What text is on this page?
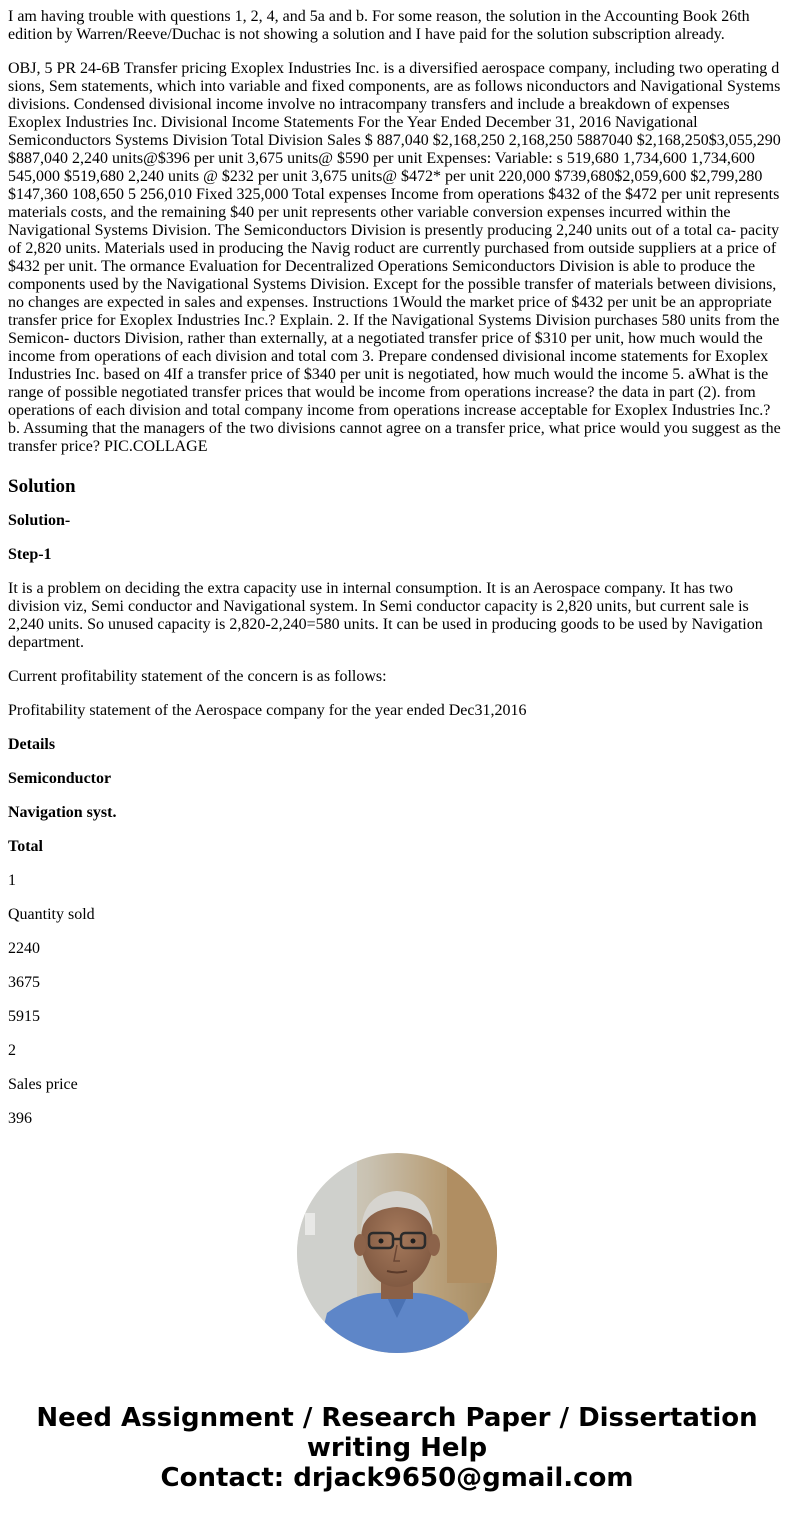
I am having trouble with questions 1, 2, 4, and 5a and b. For some reason, the solution in the Accounting Book 26th edition by Warren/Reeve/Duchac is not showing a solution and I have paid for the solution subscription already.

OBJ, 5 PR 24-6B Transfer pricing Exoplex Industries Inc. is a diversified aerospace company, including two operating d sions, Sem statements, which into variable and fixed components, are as follows niconductors and Navigational Systems divisions. Condensed divisional income involve no intracompany transfers and include a breakdown of expenses Exoplex Industries Inc. Divisional Income Statements For the Year Ended December 31, 2016 Navigational Semiconductors Systems Division Total Division Sales $ 887,040 $2,168,250 2,168,250 5887040 $2,168,250$3,055,290 $887,040 2,240 units@$396 per unit 3,675 units@ $590 per unit Expenses: Variable: s 519,680 1,734,600 1,734,600 545,000 $519,680 2,240 units @ $232 per unit 3,675 units@ $472* per unit 220,000 $739,680$2,059,600 $2,799,280 $147,360 108,650 5 256,010 Fixed 325,000 Total expenses Income from operations $432 of the $472 per unit represents materials costs, and the remaining $40 per unit represents other variable conversion expenses incurred within the Navigational Systems Division. The Semiconductors Division is presently producing 2,240 units out of a total ca- pacity of 2,820 units. Materials used in producing the Navig roduct are currently purchased from outside suppliers at a price of $432 per unit. The ormance Evaluation for Decentralized Operations Semiconductors Division is able to produce the components used by the Navigational Systems Division. Except for the possible transfer of materials between divisions, no changes are expected in sales and expenses. Instructions 1Would the market price of $432 per unit be an appropriate transfer price for Exoplex Industries Inc.? Explain. 2. If the Navigational Systems Division purchases 580 units from the Semicon- ductors Division, rather than externally, at a negotiated transfer price of $310 per unit, how much would the income from operations of each division and total com 3. Prepare condensed divisional income statements for Exoplex Industries Inc. based on 4If a transfer price of $340 per unit is negotiated, how much would the income 5. aWhat is the range of possible negotiated transfer prices that would be income from operations increase? the data in part (2). from operations of each division and total company income from operations increase acceptable for Exoplex Industries Inc.? b. Assuming that the managers of the two divisions cannot agree on a transfer price, what price would you suggest as the transfer price? PIC.COLLAGE

Solution

Solution-

Step-1

It is a problem on deciding the extra capacity use in internal consumption. It is an Aerospace company. It has two division viz, Semi conductor and Navigational system. In Semi conductor capacity is 2,820 units, but current sale is 2,240 units. So unused capacity is 2,820-2,240=580 units. It can be used in producing goods to be used by Navigation department.

Current profitability statement of the concern is as follows:

Profitability statement of the Aerospace company for the year ended Dec31,2016

Details

Semiconductor

Navigation syst.

Total

1

Quantity sold

2240

3675

5915

2

Sales price

396

Need Assignment / Research Paper / Dissertation
writing Help
Contact: drjack9650@gmail.com
